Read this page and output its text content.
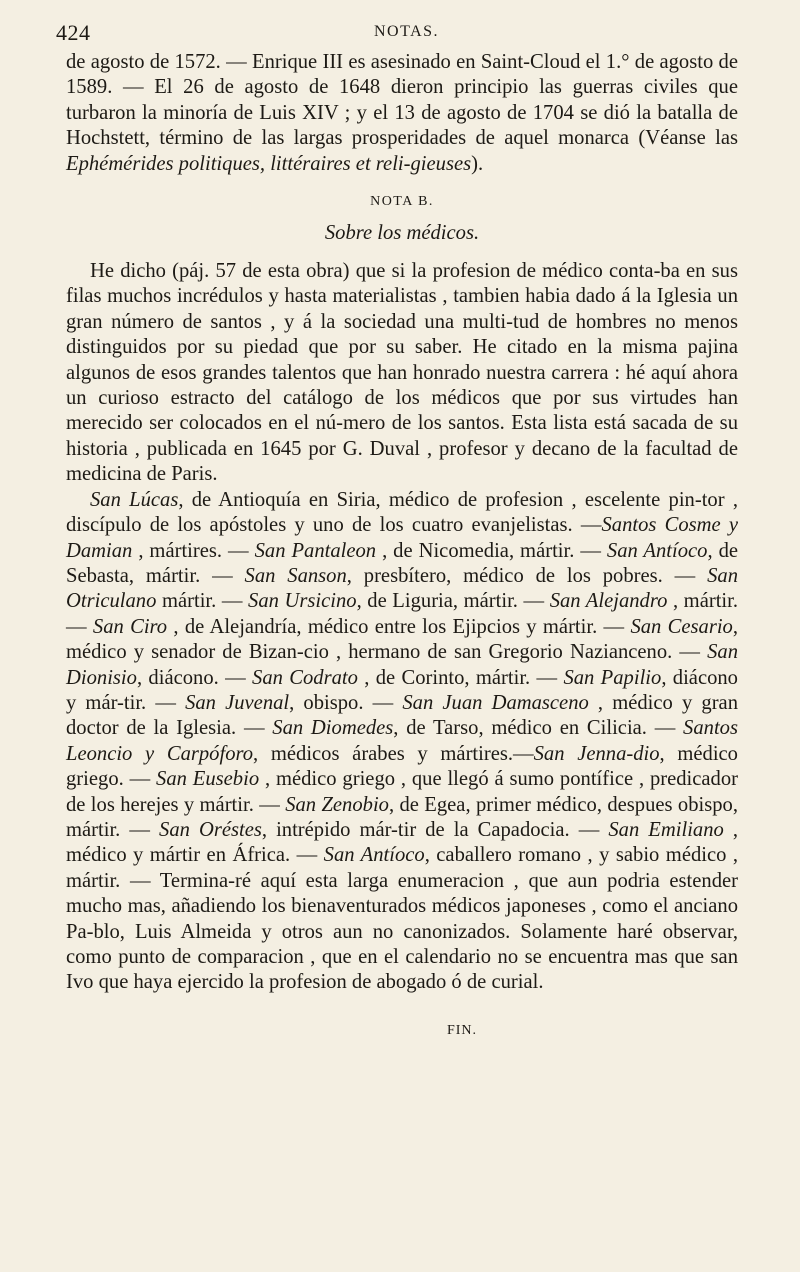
424	NOTAS.

de agosto de 1572. — Enrique III es asesinado en Saint-Cloud el 1.° de agosto de 1589. — El 26 de agosto de 1648 dieron principio las guerras civiles que turbaron la minoría de Luis XIV ; y el 13 de agosto de 1704 se dió la batalla de Hochstett, término de las largas prosperidades de aquel monarca (Véanse las Ephémérides politiques, littéraires et reli-gieuses).

NOTA B.
Sobre los médicos.

He dicho (páj. 57 de esta obra) que si la profesion de médico conta-ba en sus filas muchos incrédulos y hasta materialistas , tambien habia dado á la Iglesia un gran número de santos , y á la sociedad una multi-tud de hombres no menos distinguidos por su piedad que por su saber. He citado en la misma pajina algunos de esos grandes talentos que han honrado nuestra carrera : hé aquí ahora un curioso estracto del catálogo de los médicos que por sus virtudes han merecido ser colocados en el nú-mero de los santos. Esta lista está sacada de su historia , publicada en 1645 por G. Duval , profesor y decano de la facultad de medicina de Paris.

San Lúcas, de Antioquía en Siria, médico de profesion , escelente pin-tor , discípulo de los apóstoles y uno de los cuatro evanjelistas. —Santos Cosme y Damian , mártires. — San Pantaleon , de Nicomedia, mártir. — San Antíoco, de Sebasta, mártir. — San Sanson, presbítero, médico de los pobres. — San Otriculano mártir. — San Ursicino, de Liguria, mártir. — San Alejandro , mártir. — San Ciro , de Alejandría, médico entre los Ejipcios y mártir. — San Cesario, médico y senador de Bizan-cio , hermano de san Gregorio Nazianceno. — San Dionisio, diácono. — San Codrato , de Corinto, mártir. — San Papilio, diácono y már-tir. — San Juvenal, obispo. — San Juan Damasceno , médico y gran doctor de la Iglesia. — San Diomedes, de Tarso, médico en Cilicia. — Santos Leoncio y Carpóforo, médicos árabes y mártires.—San Jenna-dio, médico griego. — San Eusebio , médico griego , que llegó á sumo pontífice , predicador de los herejes y mártir. — San Zenobio, de Egea, primer médico, despues obispo, mártir. — San Oréstes, intrépido már-tir de la Capadocia. — San Emiliano , médico y mártir en África. — San Antíoco, caballero romano , y sabio médico , mártir. — Termina-ré aquí esta larga enumeracion , que aun podria estender mucho mas, añadiendo los bienaventurados médicos japoneses , como el anciano Pa-blo, Luis Almeida y otros aun no canonizados. Solamente haré observar, como punto de comparacion , que en el calendario no se encuentra mas que san Ivo que haya ejercido la profesion de abogado ó de curial.

FIN.
